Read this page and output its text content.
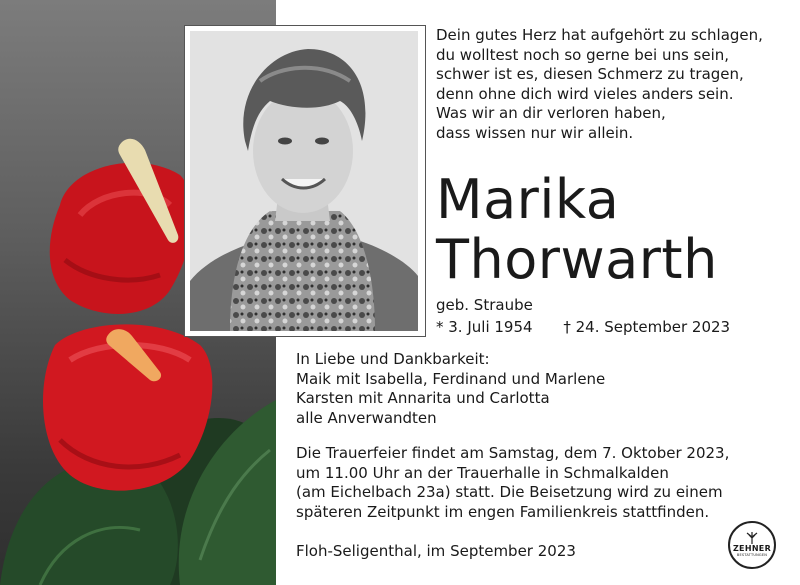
Dein gutes Herz hat aufgehört zu schlagen,
du wolltest noch so gerne bei uns sein,
schwer ist es, diesen Schmerz zu tragen,
denn ohne dich wird vieles anders sein.
Was wir an dir verloren haben,
dass wissen nur wir allein.
Marika
Thorwarth
geb. Straube
* 3. Juli 1954 † 24. September 2023
In Liebe und Dankbarkeit:
Maik mit Isabella, Ferdinand und Marlene
Karsten mit Annarita und Carlotta
alle Anverwandten
Die Trauerfeier findet am Samstag, dem 7. Oktober 2023,
um 11.00 Uhr an der Trauerhalle in Schmalkalden
(am Eichelbach 23a) statt. Die Beisetzung wird zu einem
späteren Zeitpunkt im engen Familienkreis stattfinden.
Floh-Seligenthal, im September 2023	ZEHNER
BESTATTUNGEN
